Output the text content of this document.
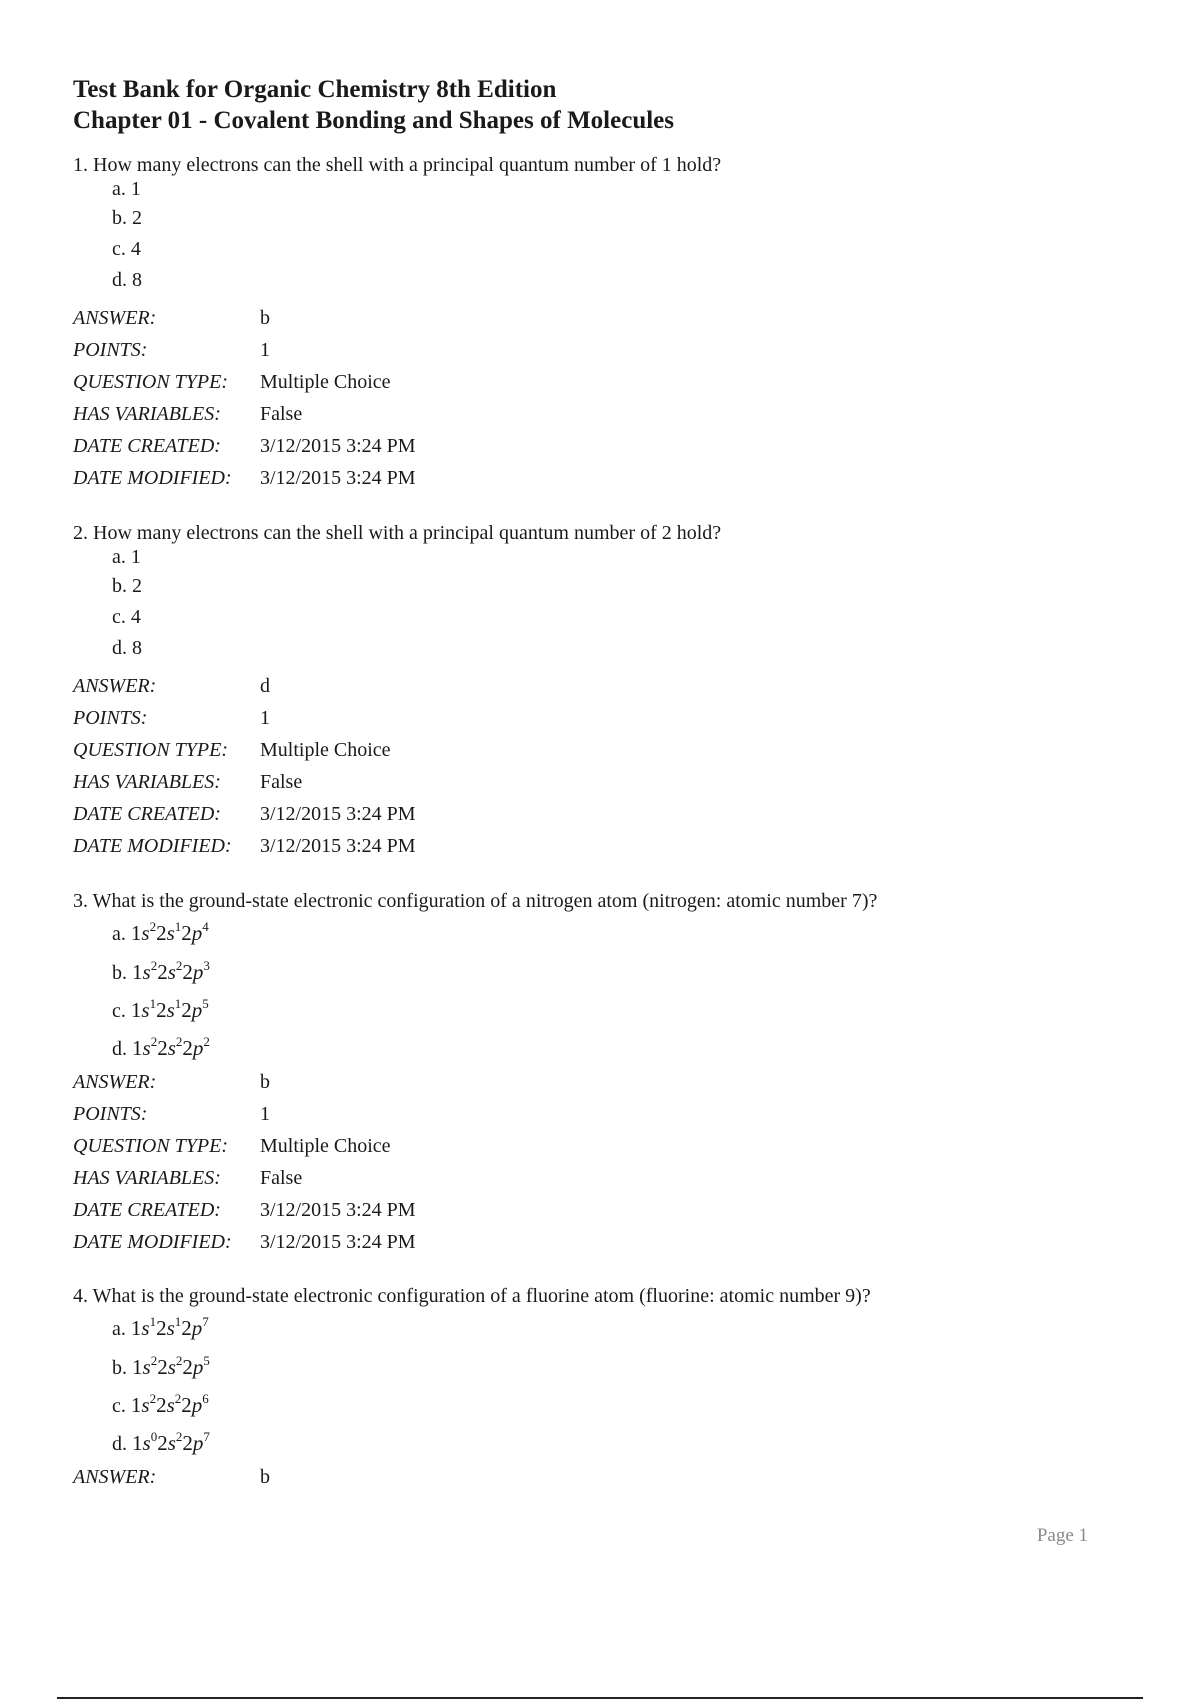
Test Bank for Organic Chemistry 8th Edition
Chapter 01 - Covalent Bonding and Shapes of Molecules
1. How many electrons can the shell with a principal quantum number of 1 hold?
a. 1
b. 2
c. 4
d. 8
ANSWER:	b
POINTS:	1
QUESTION TYPE: Multiple Choice
HAS VARIABLES: False
DATE CREATED: 3/12/2015 3:24 PM
DATE MODIFIED: 3/12/2015 3:24 PM
2. How many electrons can the shell with a principal quantum number of 2 hold?
a. 1
b. 2
c. 4
d. 8
ANSWER:	d
POINTS:	1
QUESTION TYPE: Multiple Choice
HAS VARIABLES: False
DATE CREATED: 3/12/2015 3:24 PM
DATE MODIFIED: 3/12/2015 3:24 PM
3. What is the ground-state electronic configuration of a nitrogen atom (nitrogen: atomic number 7)?
a. $1s^22s^12p^4$
b. $1s^22s^22p^3$
c. $1s^12s^12p^5$
d. $1s^22s^22p^2$
ANSWER:	b
POINTS:	1
QUESTION TYPE: Multiple Choice
HAS VARIABLES: False
DATE CREATED: 3/12/2015 3:24 PM
DATE MODIFIED: 3/12/2015 3:24 PM
4. What is the ground-state electronic configuration of a fluorine atom (fluorine: atomic number 9)?
a. $1s^12s^12p^7$
b. $1s^22s^22p^5$
c. $1s^22s^22p^6$
d. $1s^02s^22p^7$
ANSWER:	b
Page 1
